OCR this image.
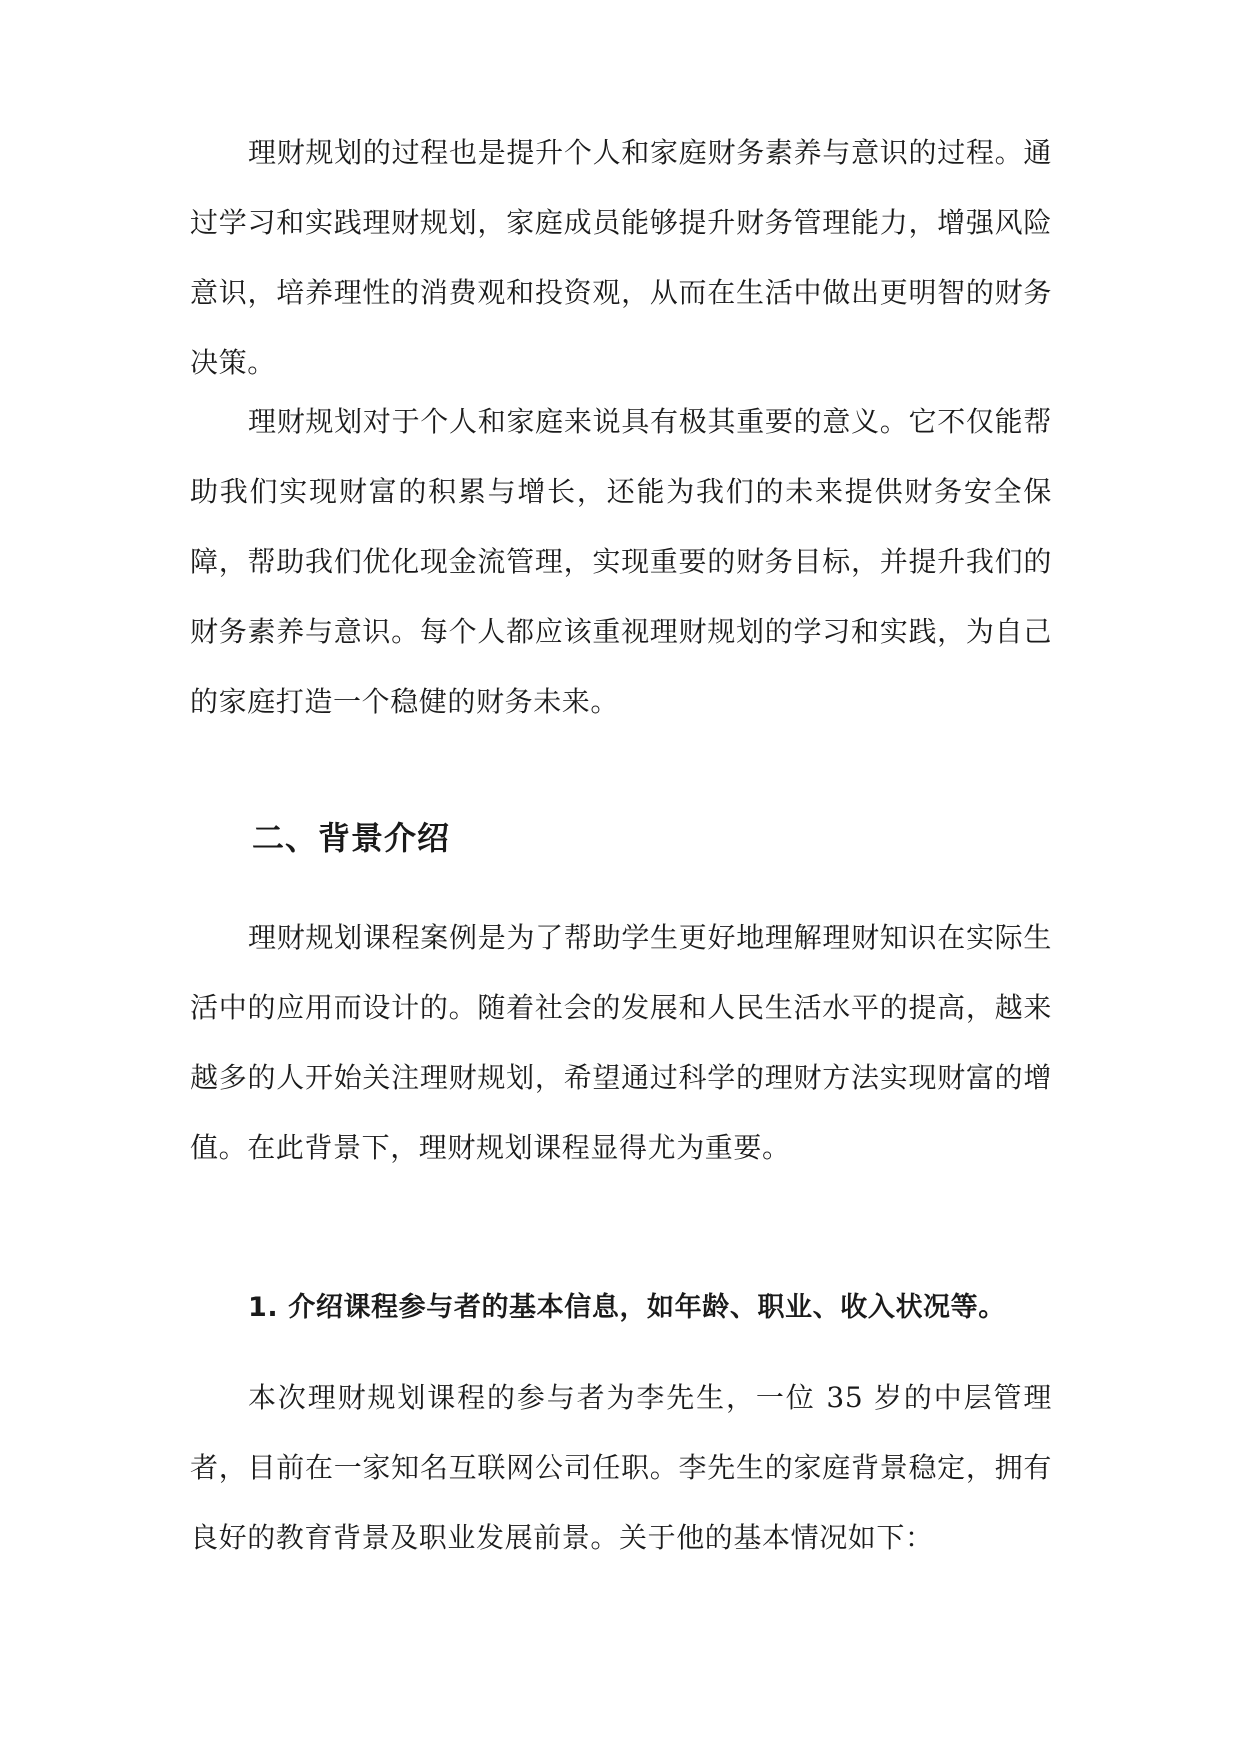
理财规划的过程也是提升个人和家庭财务素养与意识的过程。通过学习和实践理财规划，家庭成员能够提升财务管理能力，增强风险意识，培养理性的消费观和投资观，从而在生活中做出更明智的财务决策。

理财规划对于个人和家庭来说具有极其重要的意义。它不仅能帮助我们实现财富的积累与增长，还能为我们的未来提供财务安全保障，帮助我们优化现金流管理，实现重要的财务目标，并提升我们的财务素养与意识。每个人都应该重视理财规划的学习和实践，为自己的家庭打造一个稳健的财务未来。

二、背景介绍

理财规划课程案例是为了帮助学生更好地理解理财知识在实际生活中的应用而设计的。随着社会的发展和人民生活水平的提高，越来越多的人开始关注理财规划，希望通过科学的理财方法实现财富的增值。在此背景下，理财规划课程显得尤为重要。

1. 介绍课程参与者的基本信息，如年龄、职业、收入状况等。

本次理财规划课程的参与者为李先生，一位 35 岁的中层管理者，目前在一家知名互联网公司任职。李先生的家庭背景稳定，拥有良好的教育背景及职业发展前景。关于他的基本情况如下：
